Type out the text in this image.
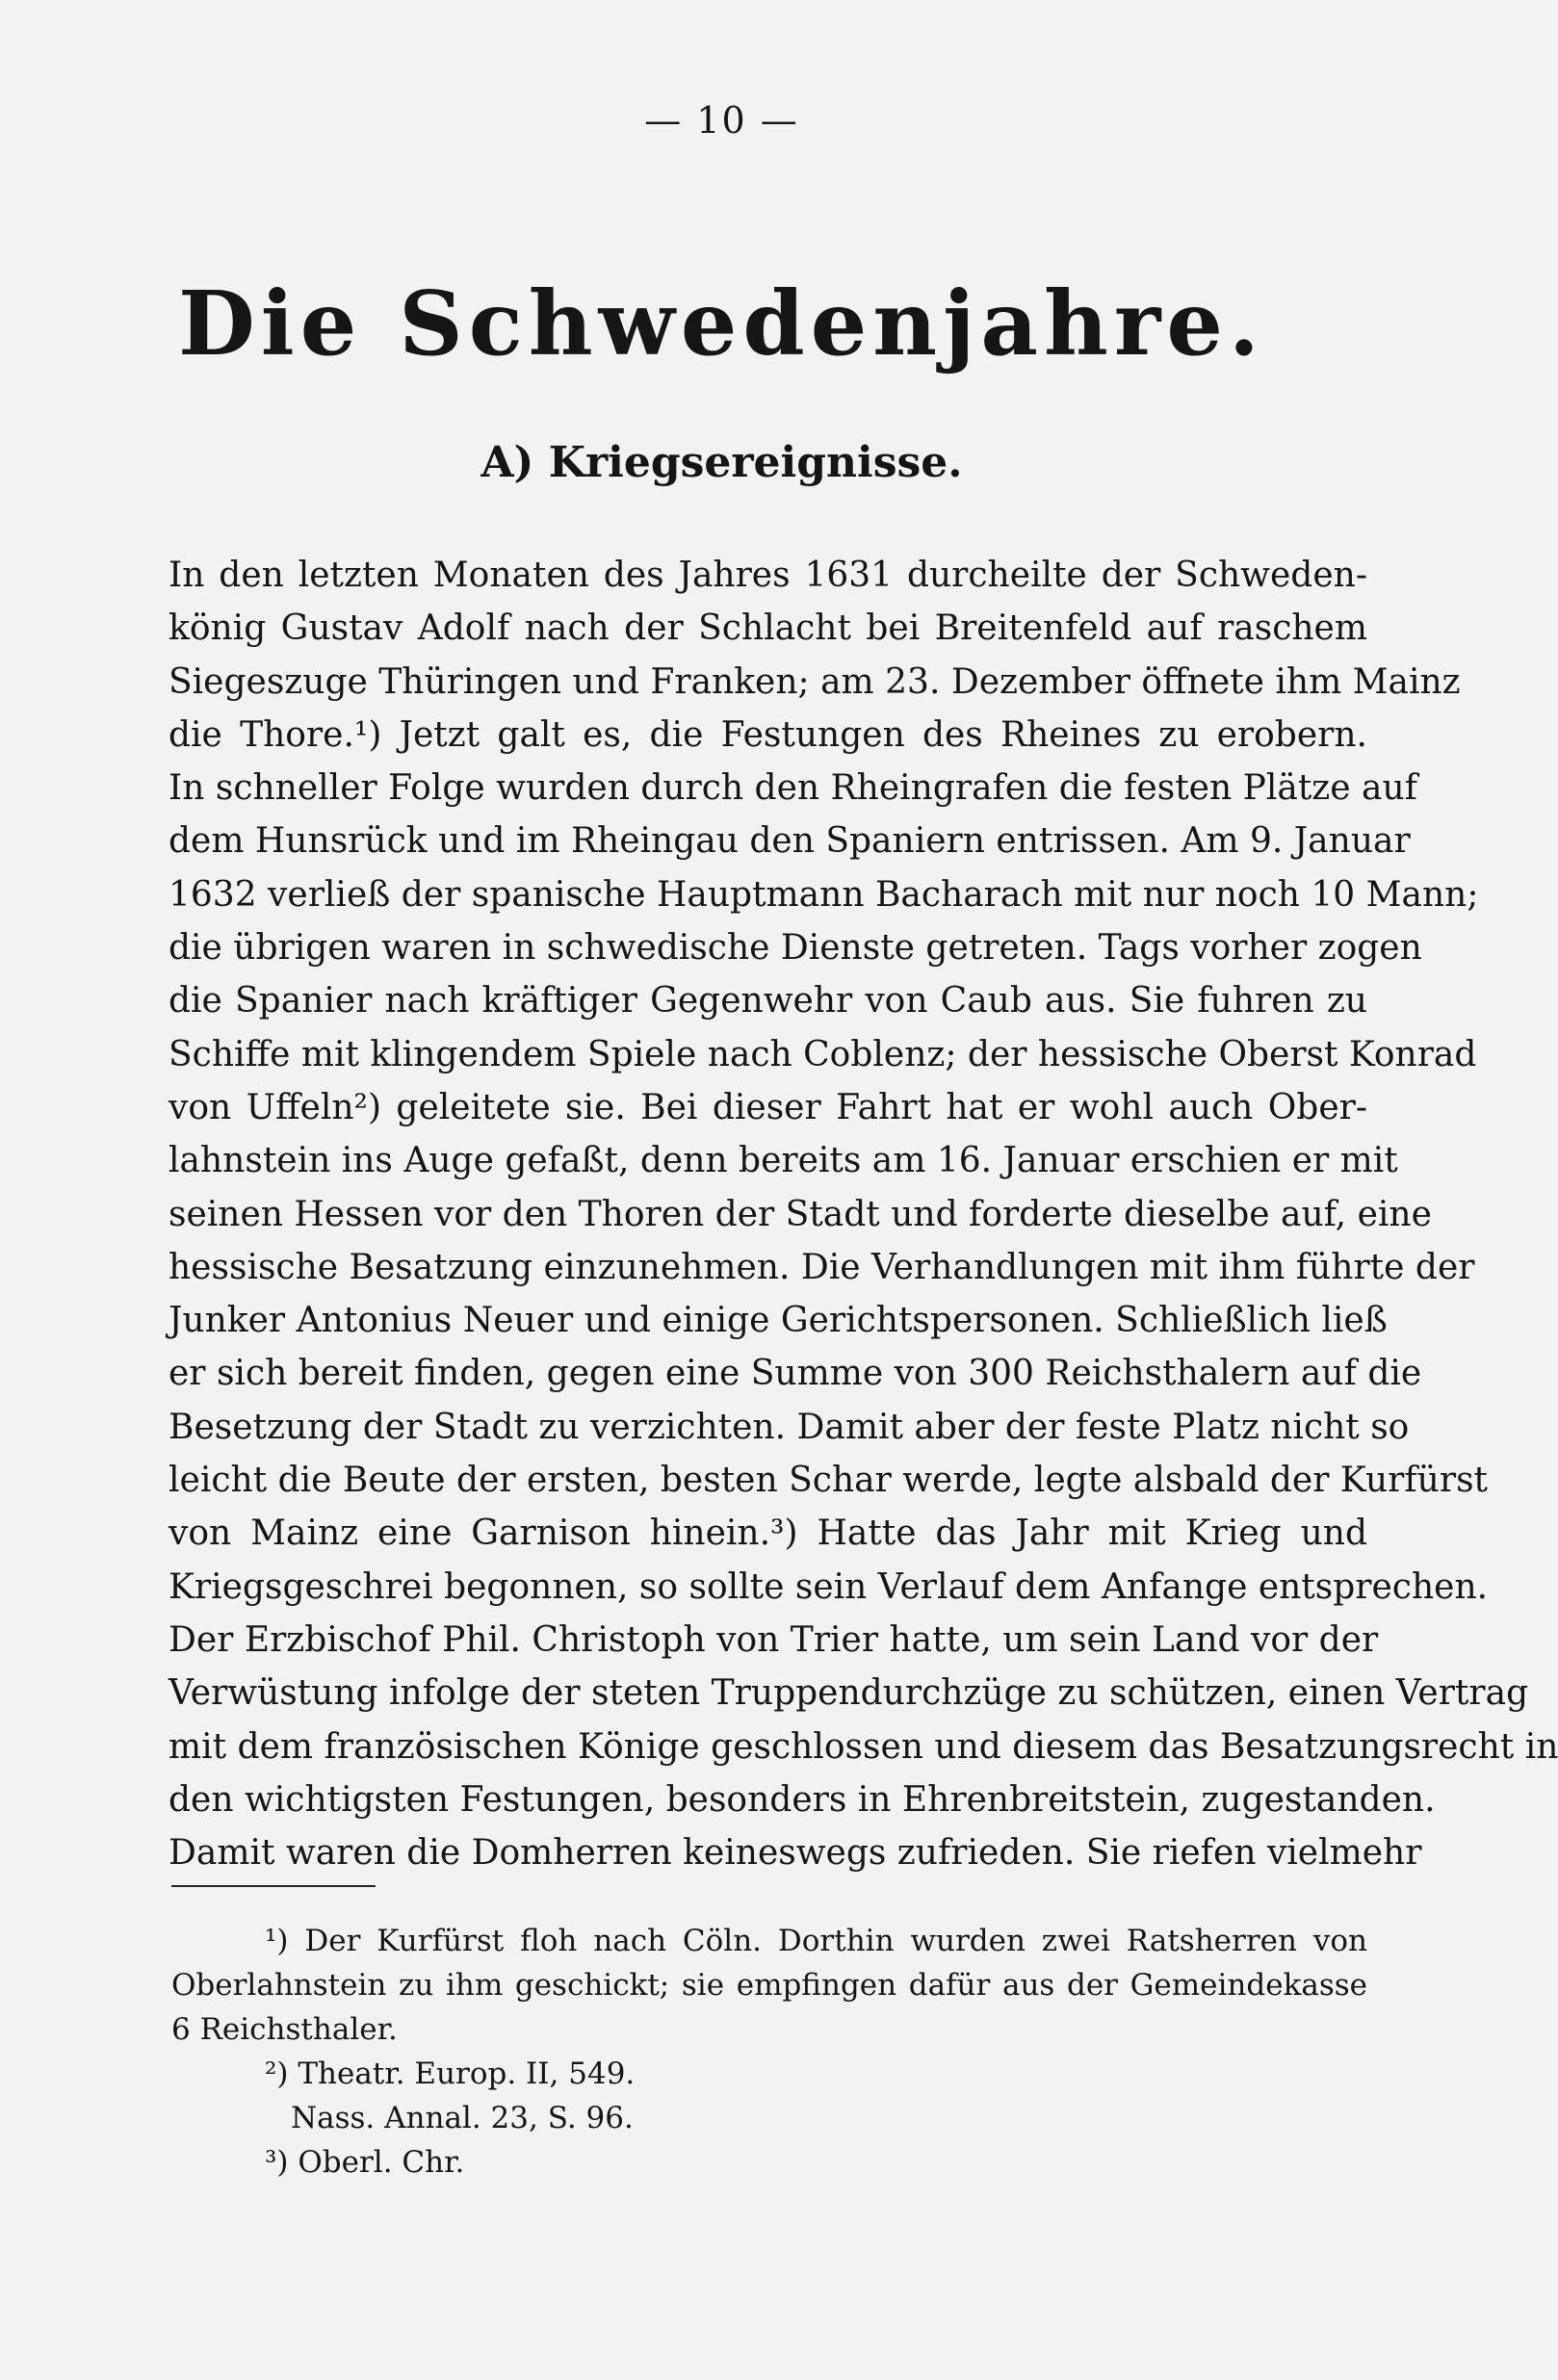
— 10 —
Die Schwedenjahre.
A) Kriegsereignisse.
In den letzten Monaten des Jahres 1631 durcheilte der Schweden-
könig Gustav Adolf nach der Schlacht bei Breitenfeld auf raschem
Siegeszuge Thüringen und Franken; am 23. Dezember öffnete ihm Mainz
die Thore.¹) Jetzt galt es, die Festungen des Rheines zu erobern.
In schneller Folge wurden durch den Rheingrafen die festen Plätze auf
dem Hunsrück und im Rheingau den Spaniern entrissen. Am 9. Januar
1632 verließ der spanische Hauptmann Bacharach mit nur noch 10 Mann;
die übrigen waren in schwedische Dienste getreten. Tags vorher zogen
die Spanier nach kräftiger Gegenwehr von Caub aus. Sie fuhren zu
Schiffe mit klingendem Spiele nach Coblenz; der hessische Oberst Konrad
von Uffeln²) geleitete sie. Bei dieser Fahrt hat er wohl auch Ober-
lahnstein ins Auge gefaßt, denn bereits am 16. Januar erschien er mit
seinen Hessen vor den Thoren der Stadt und forderte dieselbe auf, eine
hessische Besatzung einzunehmen. Die Verhandlungen mit ihm führte der
Junker Antonius Neuer und einige Gerichtspersonen. Schließlich ließ
er sich bereit finden, gegen eine Summe von 300 Reichsthalern auf die
Besetzung der Stadt zu verzichten. Damit aber der feste Platz nicht so
leicht die Beute der ersten, besten Schar werde, legte alsbald der Kurfürst
von Mainz eine Garnison hinein.³) Hatte das Jahr mit Krieg und
Kriegsgeschrei begonnen, so sollte sein Verlauf dem Anfange entsprechen.
Der Erzbischof Phil. Christoph von Trier hatte, um sein Land vor der
Verwüstung infolge der steten Truppendurchzüge zu schützen, einen Vertrag
mit dem französischen Könige geschlossen und diesem das Besatzungsrecht in
den wichtigsten Festungen, besonders in Ehrenbreitstein, zugestanden.
Damit waren die Domherren keineswegs zufrieden. Sie riefen vielmehr
¹) Der Kurfürst floh nach Cöln. Dorthin wurden zwei Ratsherren von
Oberlahnstein zu ihm geschickt; sie empfingen dafür aus der Gemeindekasse
6 Reichsthaler.
²) Theatr. Europ. II, 549.
Nass. Annal. 23, S. 96.
³) Oberl. Chr.
